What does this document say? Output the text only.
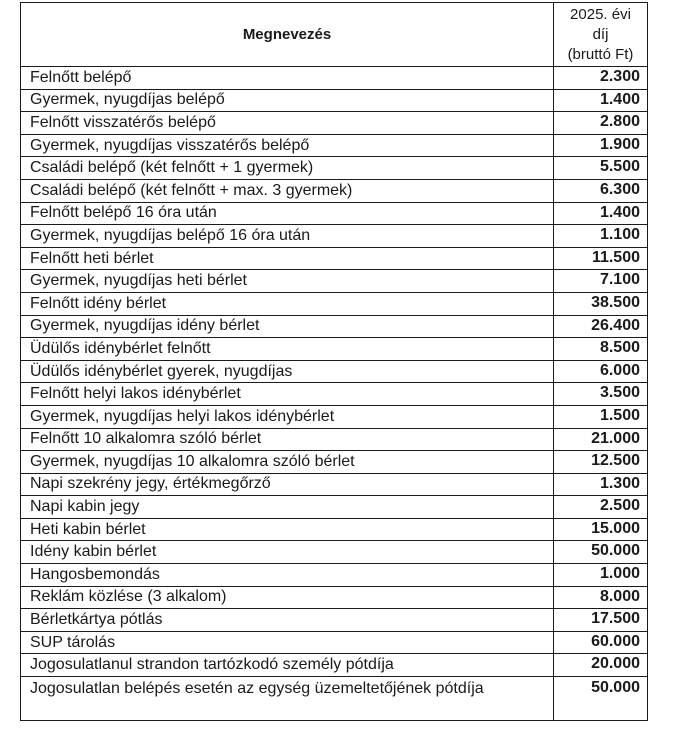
Megnevezés	2025. évi
díj
(bruttó Ft)

Felnőtt belépő	2.300
Gyermek, nyugdíjas belépő	1.400
Felnőtt visszatérős belépő	2.800
Gyermek, nyugdíjas visszatérős belépő	1.900
Családi belépő (két felnőtt + 1 gyermek)	5.500
Családi belépő (két felnőtt + max. 3 gyermek)	6.300
Felnőtt belépő 16 óra után	1.400
Gyermek, nyugdíjas belépő 16 óra után	1.100
Felnőtt heti bérlet	11.500
Gyermek, nyugdíjas heti bérlet	7.100
Felnőtt idény bérlet	38.500
Gyermek, nyugdíjas idény bérlet	26.400
Üdülős idénybérlet felnőtt	8.500
Üdülős idénybérlet gyerek, nyugdíjas	6.000
Felnőtt helyi lakos idénybérlet	3.500
Gyermek, nyugdíjas helyi lakos idénybérlet	1.500
Felnőtt 10 alkalomra szóló bérlet	21.000
Gyermek, nyugdíjas 10 alkalomra szóló bérlet	12.500
Napi szekrény jegy, értékmegőrző	1.300
Napi kabin jegy	2.500
Heti kabin bérlet	15.000
Idény kabin bérlet	50.000
Hangosbemondás	1.000
Reklám közlése (3 alkalom)	8.000
Bérletkártya pótlás	17.500
SUP tárolás	60.000
Jogosulatlanul strandon tartózkodó személy pótdíja	20.000
Jogosulatlan belépés esetén az egység üzemeltetőjének pótdíja	50.000
